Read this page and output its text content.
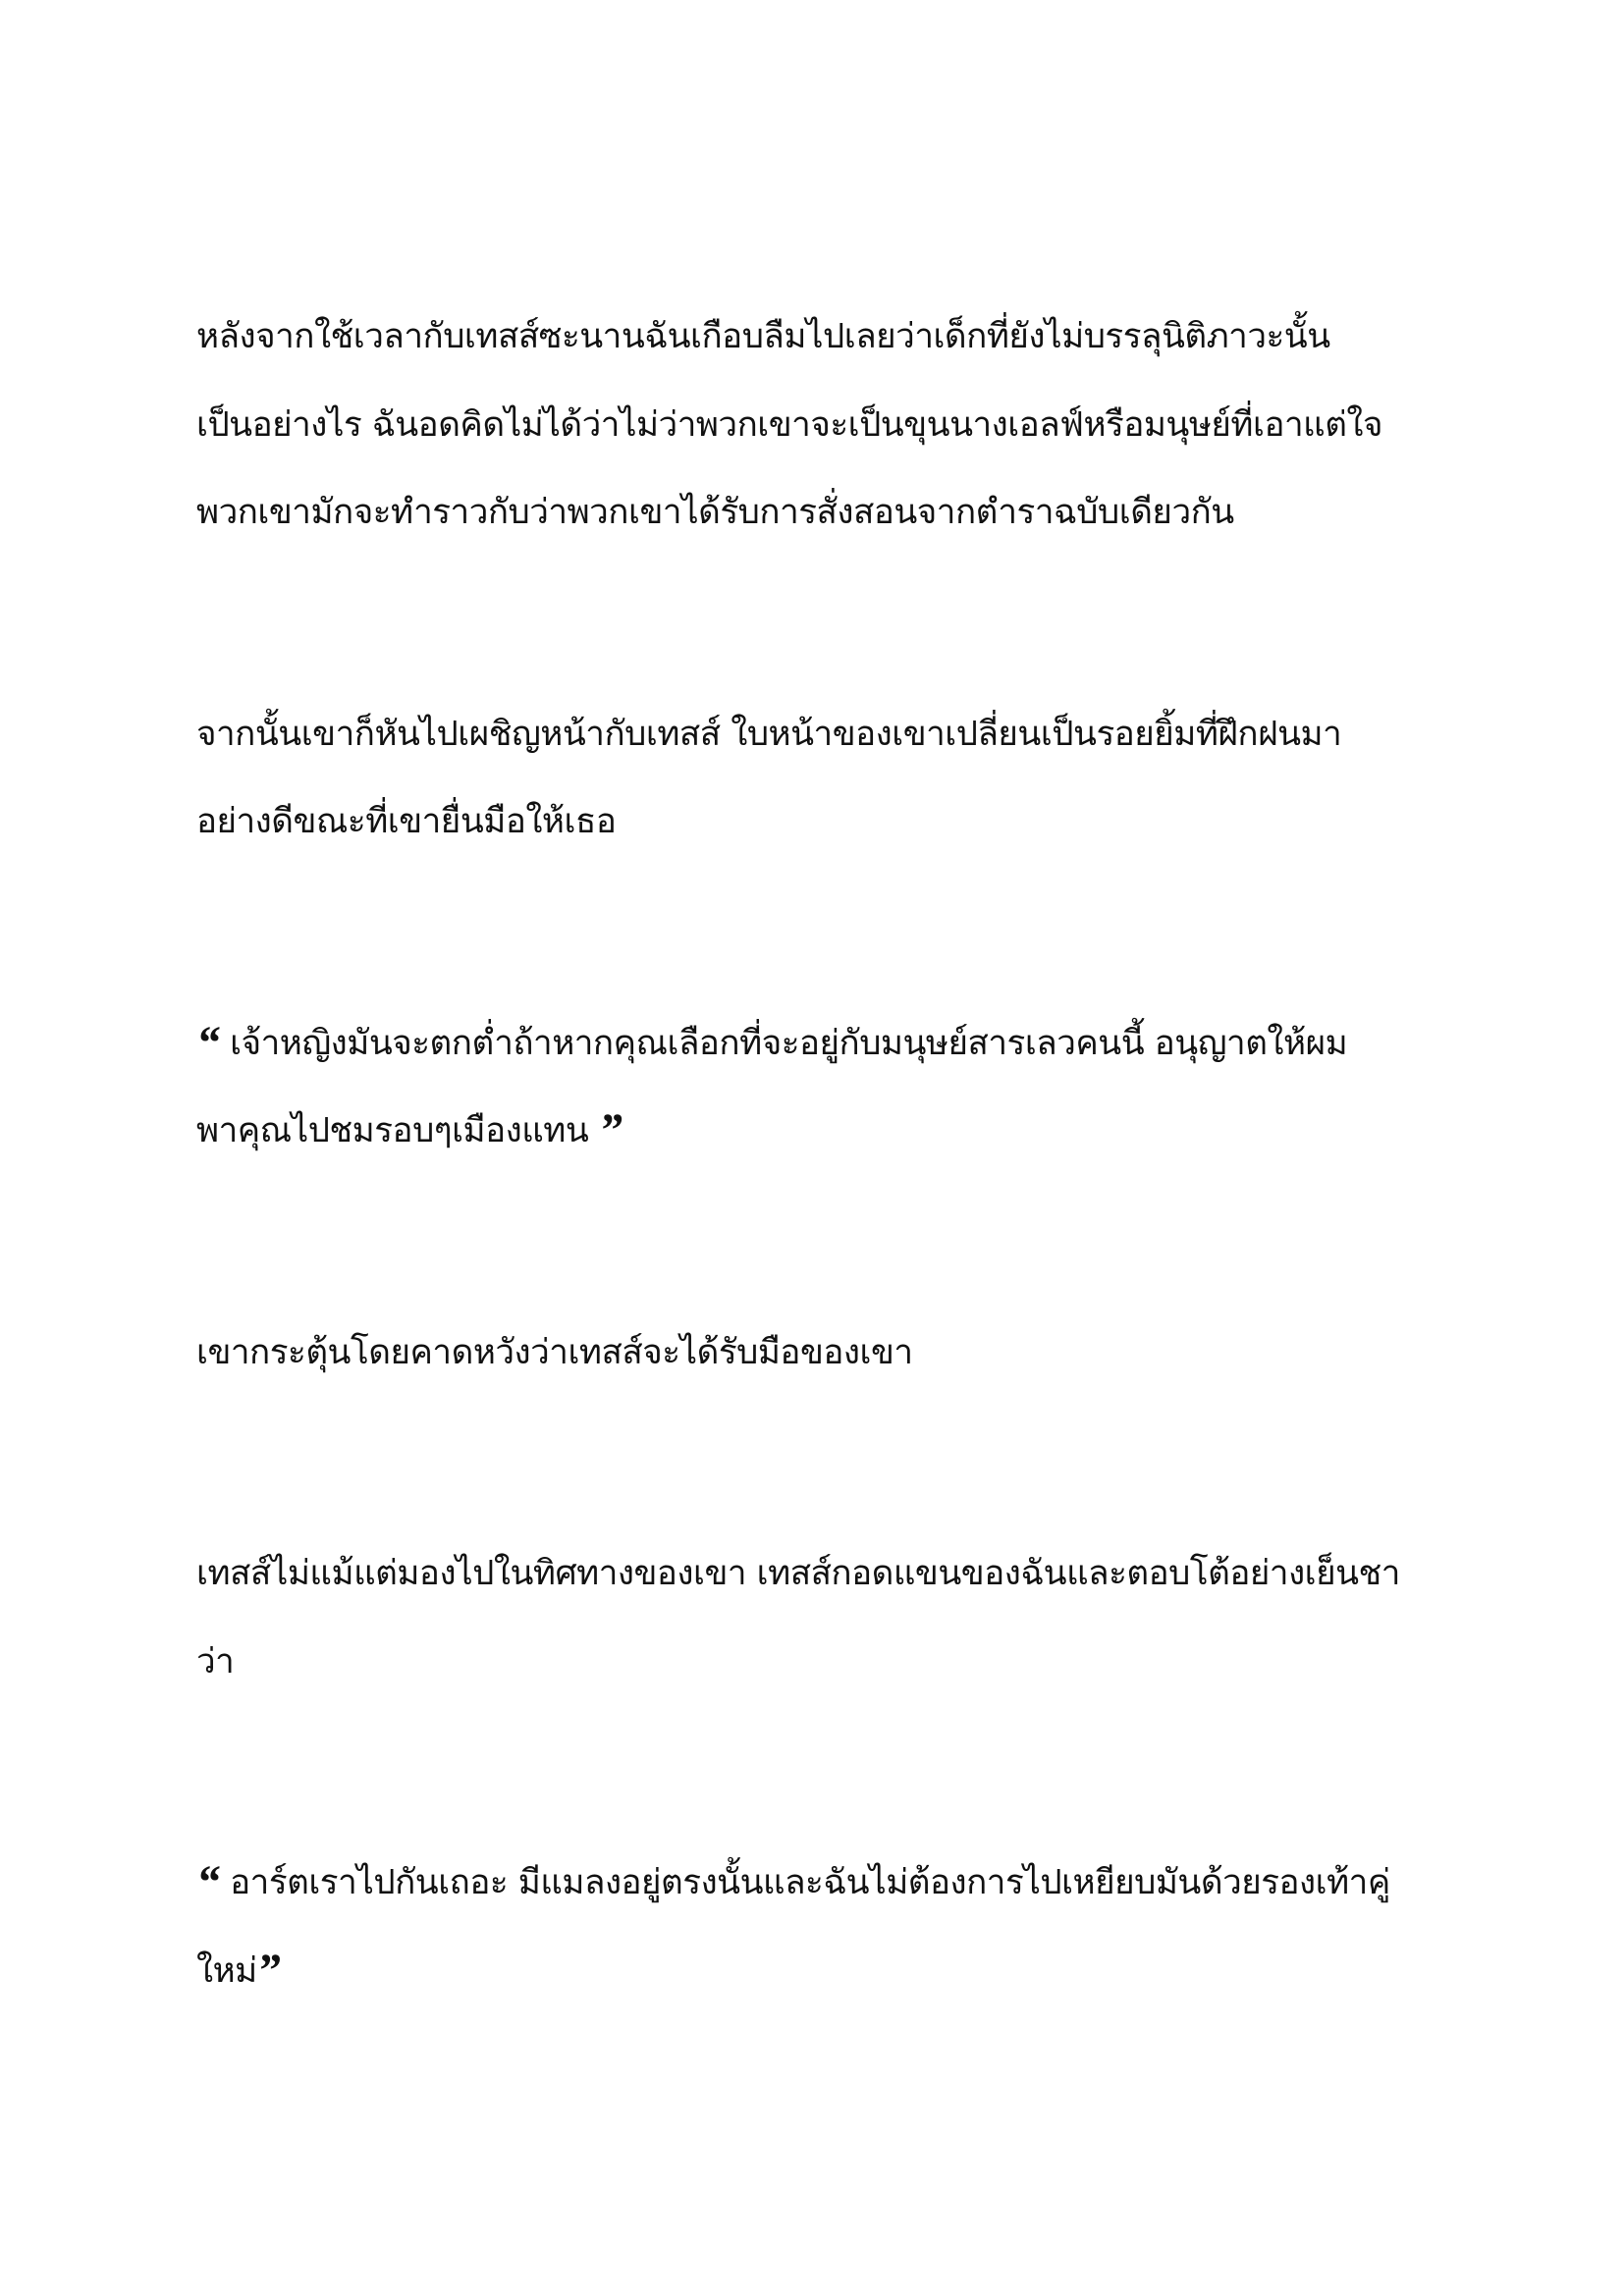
หลังจากใช้เวลากับเทสส์ซะนานฉันเกือบลืมไปเลยว่าเด็กที่ยังไม่บรรลุนิติภาวะนั้น
เป็นอย่างไร ฉันอดคิดไม่ได้ว่าไม่ว่าพวกเขาจะเป็นขุนนางเอลฟ์หรือมนุษย์ที่เอาแต่ใจ
พวกเขามักจะทำราวกับว่าพวกเขาได้รับการสั่งสอนจากตำราฉบับเดียวกัน
จากนั้นเขาก็หันไปเผชิญหน้ากับเทสส์ ใบหน้าของเขาเปลี่ยนเป็นรอยยิ้มที่ฝึกฝนมา
อย่างดีขณะที่เขายื่นมือให้เธอ
“ เจ้าหญิงมันจะตกต่ำถ้าหากคุณเลือกที่จะอยู่กับมนุษย์สารเลวคนนี้ อนุญาตให้ผม
พาคุณไปชมรอบๆเมืองแทน ”
เขากระตุ้นโดยคาดหวังว่าเทสส์จะได้รับมือของเขา
เทสส์ไม่แม้แต่มองไปในทิศทางของเขา เทสส์กอดแขนของฉันและตอบโต้อย่างเย็นชา
ว่า
“ อาร์ตเราไปกันเถอะ มีแมลงอยู่ตรงนั้นและฉันไม่ต้องการไปเหยียบมันด้วยรองเท้าคู่
ใหม่”
